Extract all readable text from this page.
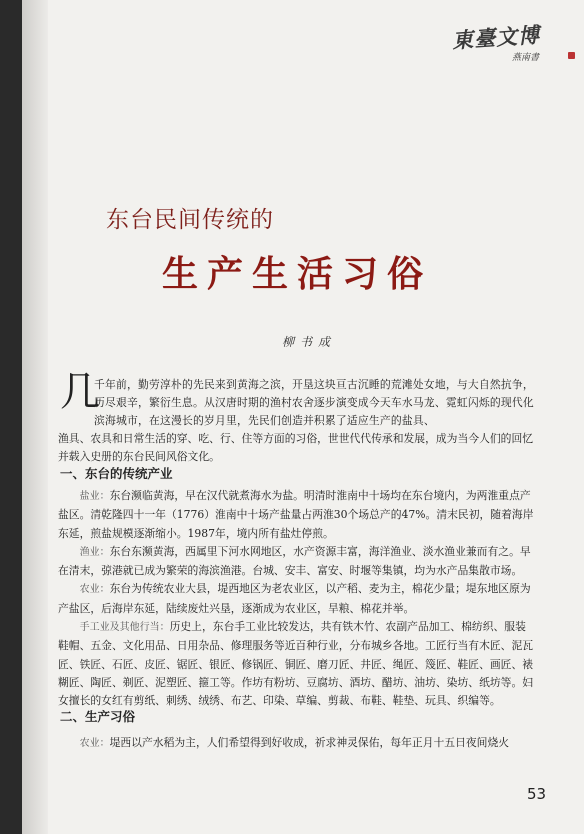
東臺文博
燕南書
东台民间传统的
生产生活习俗
柳书成
几
千年前，勤劳淳朴的先民来到黄海之滨，开垦这块亘古沉睡的荒滩处女地，与大自然抗争，历尽艰辛，繁衍生息。从汉唐时期的渔村农舍逐步演变成今天车水马龙、霓虹闪烁的现代化滨海城市，在这漫长的岁月里，先民们创造并积累了适应生产的盐具、
渔具、农具和日常生活的穿、吃、行、住等方面的习俗，世世代代传承和发展，成为当今人们的回忆并载入史册的东台民间风俗文化。
一、东台的传统产业

盐业：东台濒临黄海，早在汉代就煮海水为盐。明清时淮南中十场均在东台境内，为两淮重点产盐区。清乾隆四十一年（1776）淮南中十场产盐量占两淮30个场总产的47%。清末民初，随着海岸东延，煎盐规模逐渐缩小。1987年，境内所有盐灶停煎。

渔业：东台东濒黄海，西属里下河水网地区，水产资源丰富，海洋渔业、淡水渔业兼而有之。早在清末，弶港就已成为繁荣的海滨渔港。台城、安丰、富安、时堰等集镇，均为水产品集散市场。

农业：东台为传统农业大县，堤西地区为老农业区，以产稻、麦为主，棉花少量；堤东地区原为产盐区，后海岸东延，陆续废灶兴垦，逐渐成为农业区，旱粮、棉花并举。

手工业及其他行当：历史上，东台手工业比较发达，共有铁木竹、农副产品加工、棉纺织、服装鞋帽、五金、文化用品、日用杂品、修理服务等近百种行业，分布城乡各地。工匠行当有木匠、泥瓦匠、铁匠、石匠、皮匠、锯匠、银匠、修锅匠、铜匠、磨刀匠、井匠、绳匠、篾匠、鞋匠、画匠、裱糊匠、陶匠、剃匠、泥塑匠、箍工等。作坊有粉坊、豆腐坊、酒坊、醋坊、油坊、染坊、纸坊等。妇女擅长的女红有剪纸、刺绣、绒绣、布艺、印染、草编、剪裁、布鞋、鞋垫、玩具、织编等。

二、生产习俗

农业：堤西以产水稻为主，人们希望得到好收成，祈求神灵保佑，每年正月十五日夜间烧火

53
